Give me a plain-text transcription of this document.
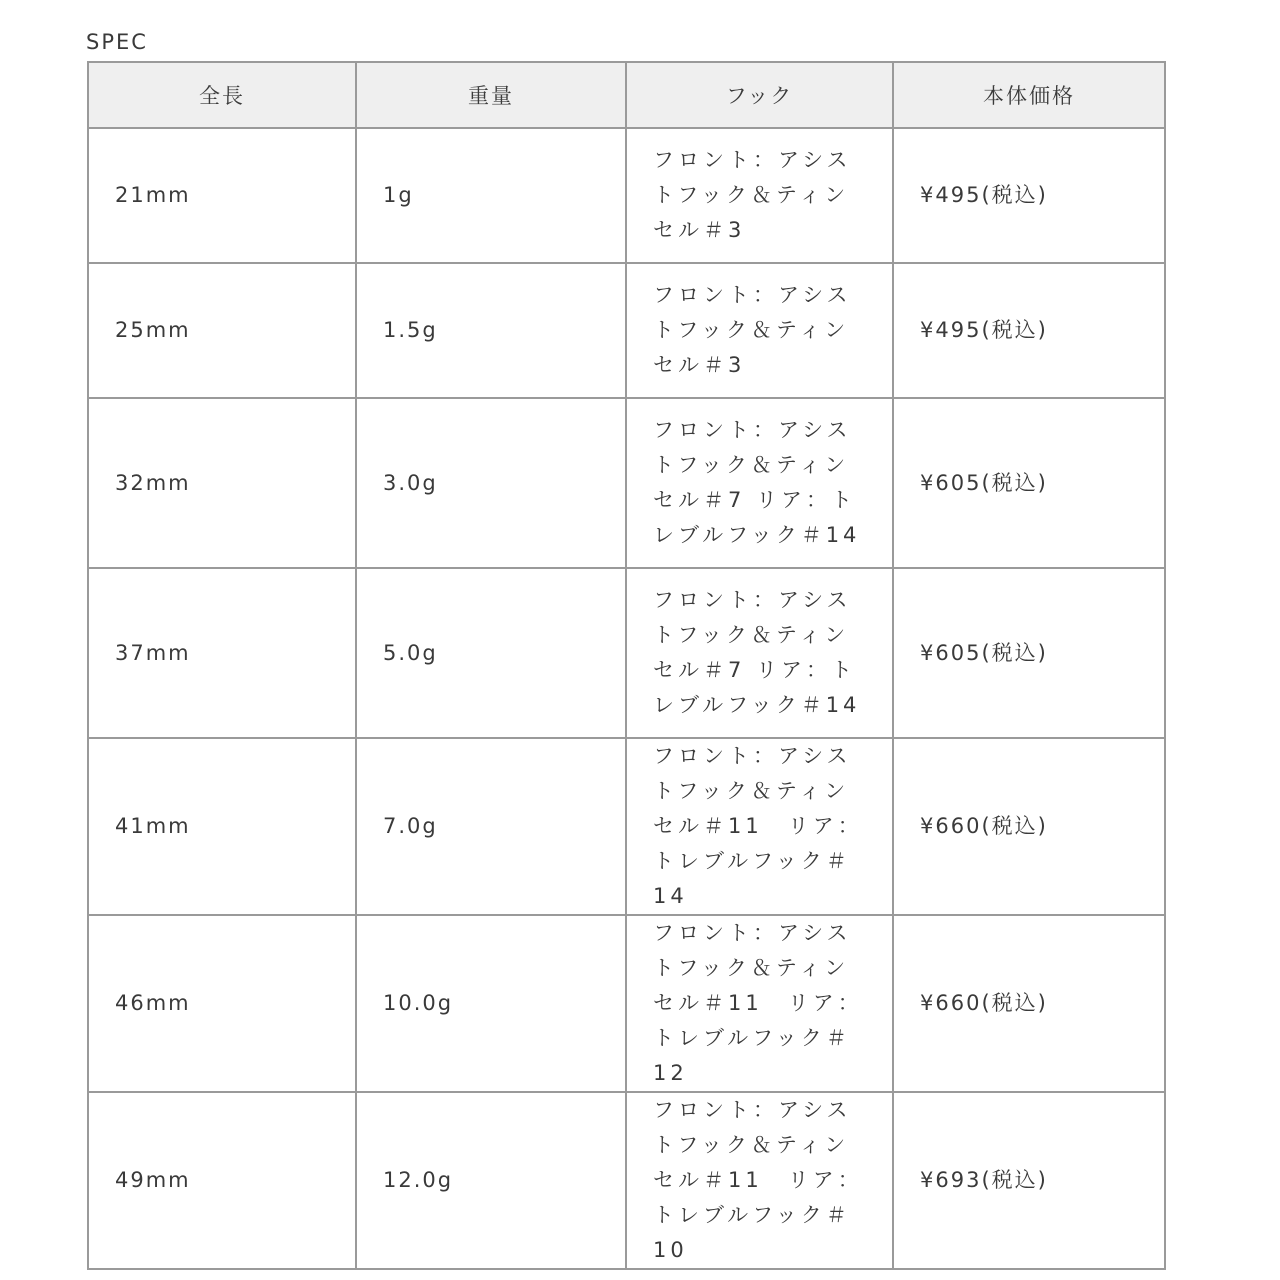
SPEC
全長	重量	フック	本体価格
21mm	1g	フロント：アシストフック＆ティンセル＃3	¥495(税込)
25mm	1.5g	フロント：アシストフック＆ティンセル＃3	¥495(税込)
32mm	3.0g	フロント：アシストフック＆ティンセル＃7 リア：トレブルフック＃14	¥605(税込)
37mm	5.0g	フロント：アシストフック＆ティンセル＃7 リア：トレブルフック＃14	¥605(税込)
41mm	7.0g	フロント：アシストフック＆ティンセル＃11　リア：トレブルフック＃14	¥660(税込)
46mm	10.0g	フロント：アシストフック＆ティンセル＃11　リア：トレブルフック＃12	¥660(税込)
49mm	12.0g	フロント：アシストフック＆ティンセル＃11　リア：トレブルフック＃10	¥693(税込)
